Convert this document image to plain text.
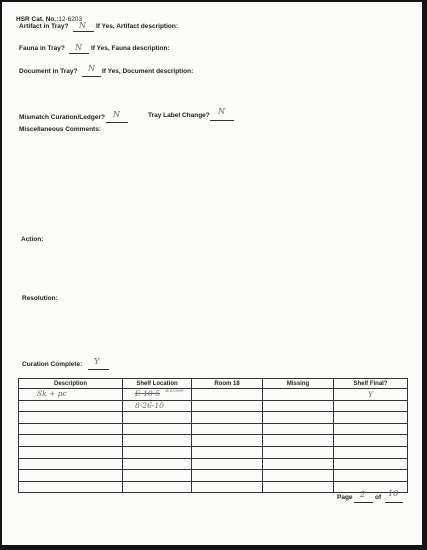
HSR Cat. No.:12-6203
Artifact in Tray? N If Yes, Artifact description:
Fauna in Tray? N If Yes, Fauna description:
Document in Tray? N If Yes, Document description:
Mismatch Curation/Ledger? N	Tray Label Change? N
Miscellaneous Comments:
Action:
Resolution:
Curation Complete: Y
Description	Shelf Location	Room 18	Missing	Shelf Final?

Sk + pc	E-10-5 sk 6/29/99			Y

	8-26-10			

Page 2 of 10
